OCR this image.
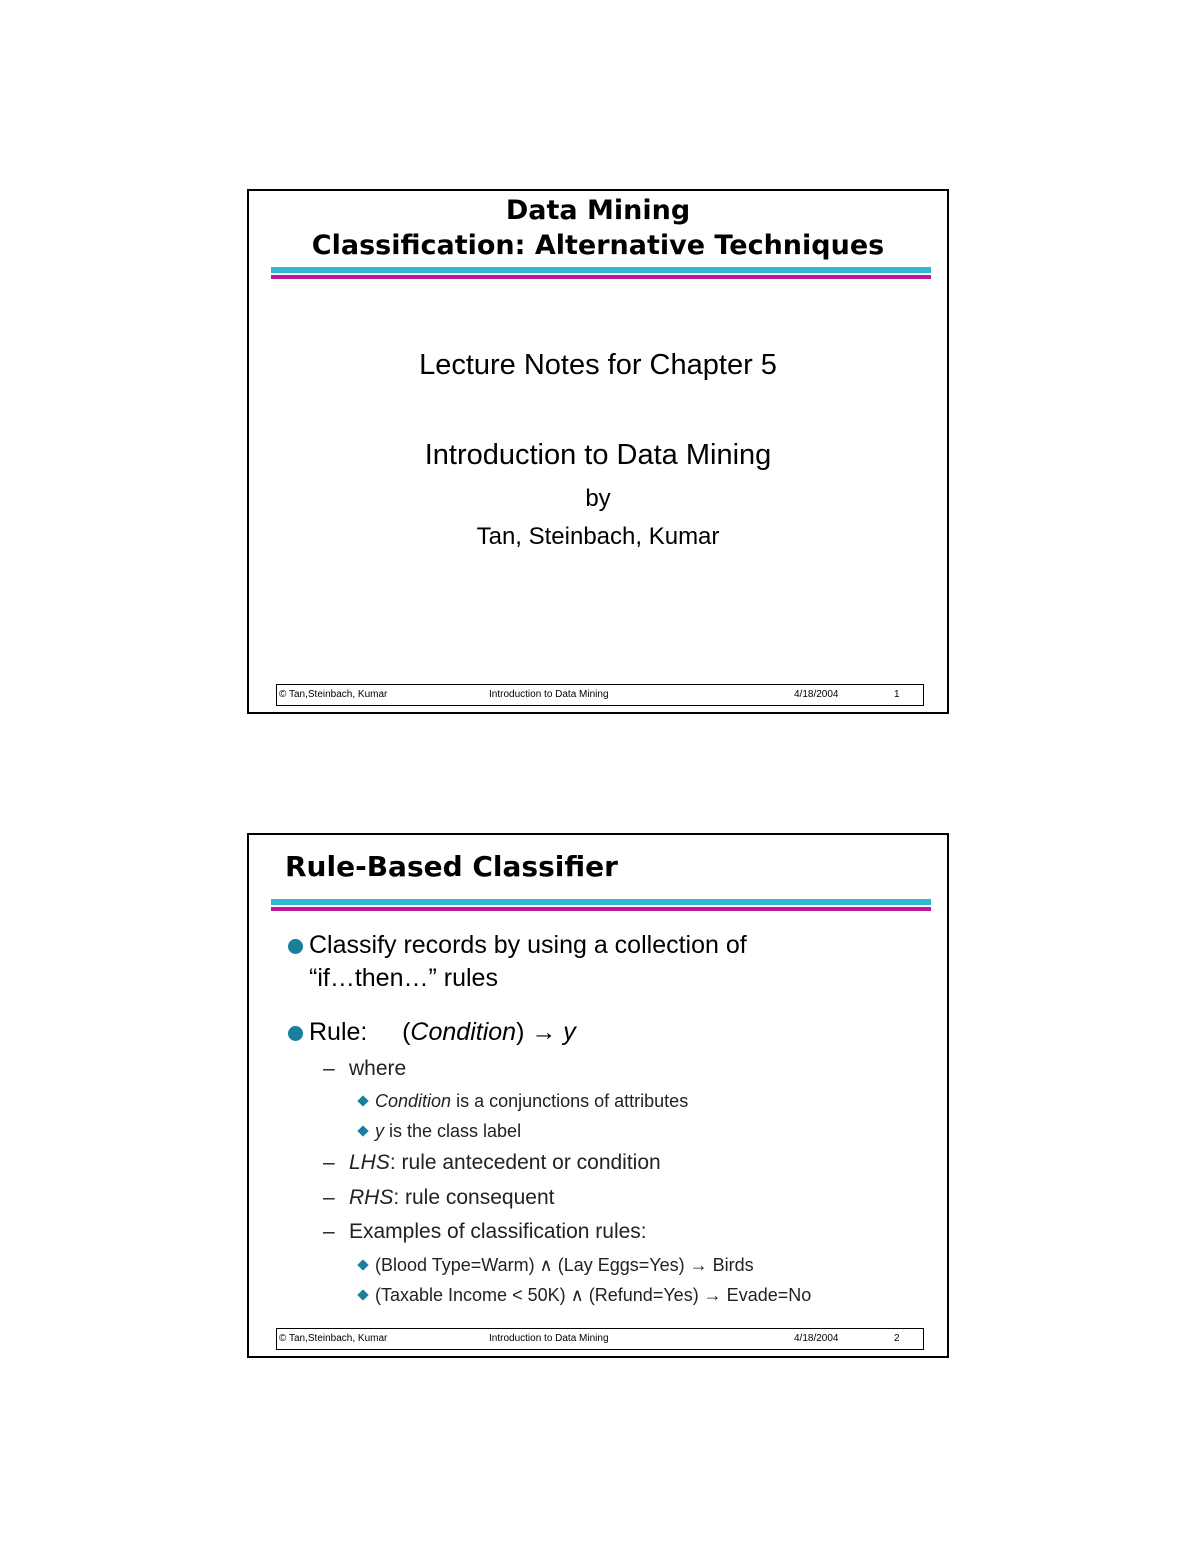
Data Mining
Classification: Alternative Techniques
Lecture Notes for Chapter 5
Introduction to Data Mining
by
Tan, Steinbach, Kumar
© Tan,Steinbach, Kumar	Introduction to Data Mining	4/18/2004	1
Rule-Based Classifier
Classify records by using a collection of
“if…then…” rules
Rule:     (Condition) → y
– where
Condition is a conjunctions of attributes
y is the class label
– LHS: rule antecedent or condition
– RHS: rule consequent
– Examples of classification rules:
(Blood Type=Warm) ∧ (Lay Eggs=Yes) → Birds
(Taxable Income < 50K) ∧ (Refund=Yes) → Evade=No
© Tan,Steinbach, Kumar	Introduction to Data Mining	4/18/2004	2
